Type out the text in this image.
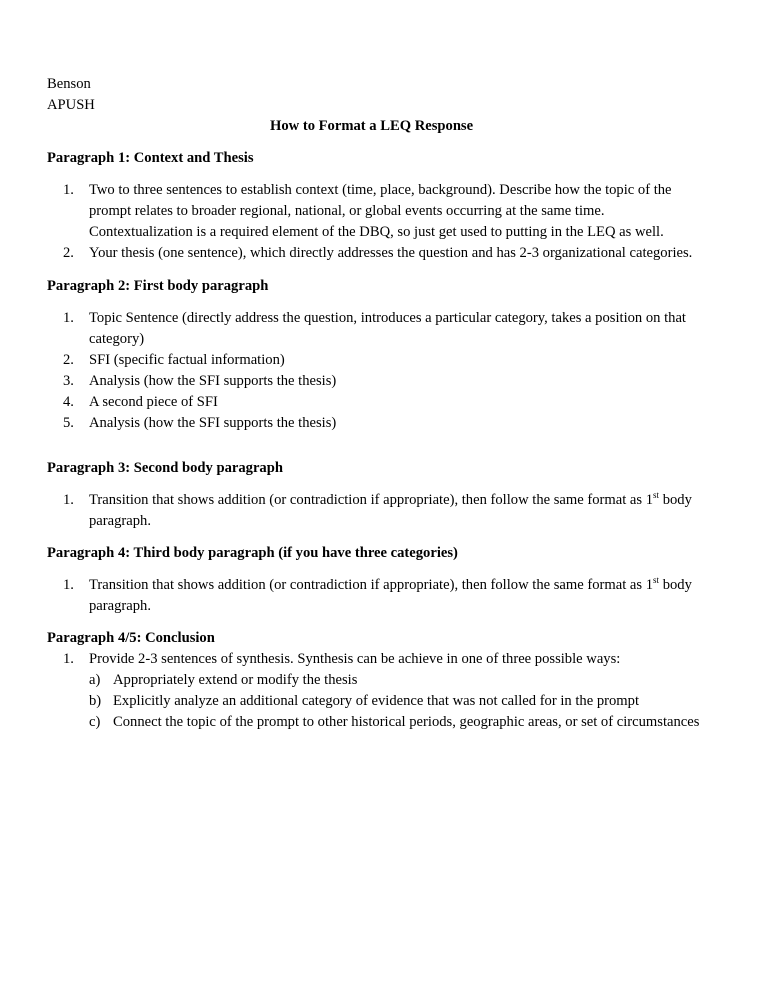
Benson
APUSH
How to Format a LEQ Response
Paragraph 1: Context and Thesis
1. Two to three sentences to establish context (time, place, background). Describe how the topic of the
prompt relates to broader regional, national, or global events occurring at the same time.
Contextualization is a required element of the DBQ, so just get used to putting in the LEQ as well.
2. Your thesis (one sentence), which directly addresses the question and has 2-3 organizational categories.
Paragraph 2: First body paragraph
1. Topic Sentence (directly address the question, introduces a particular category, takes a position on that
category)
2. SFI (specific factual information)
3. Analysis (how the SFI supports the thesis)
4. A second piece of SFI
5. Analysis (how the SFI supports the thesis)
Paragraph 3: Second body paragraph
1. Transition that shows addition (or contradiction if appropriate), then follow the same format as 1st body
paragraph.
Paragraph 4: Third body paragraph (if you have three categories)
1. Transition that shows addition (or contradiction if appropriate), then follow the same format as 1st body
paragraph.
Paragraph 4/5: Conclusion
1. Provide 2-3 sentences of synthesis. Synthesis can be achieve in one of three possible ways:
a) Appropriately extend or modify the thesis
b) Explicitly analyze an additional category of evidence that was not called for in the prompt
c) Connect the topic of the prompt to other historical periods, geographic areas, or set of circumstances
